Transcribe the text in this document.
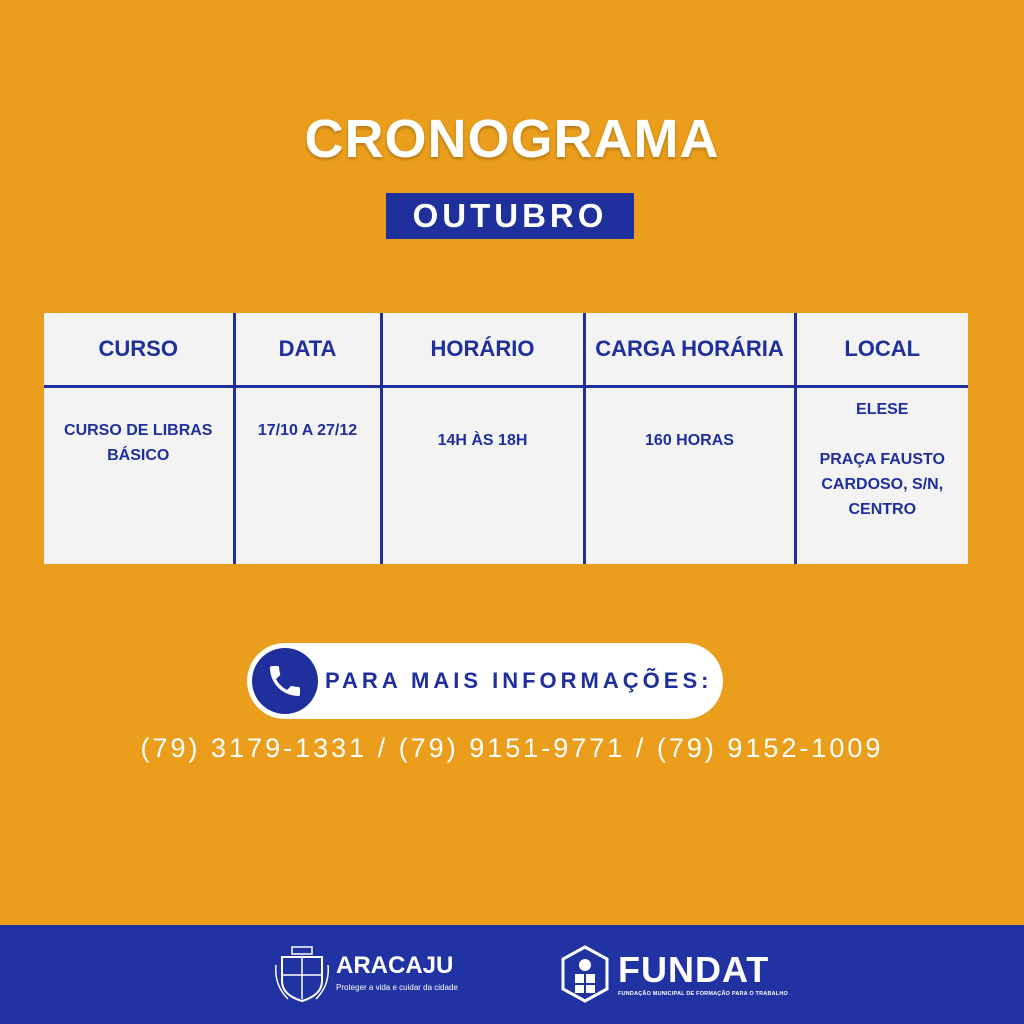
CRONOGRAMA
OUTUBRO
CURSO	DATA	HORÁRIO	CARGA HORÁRIA	LOCAL
CURSO DE LIBRAS BÁSICO	17/10 A 27/12	14H ÀS 18H	160 HORAS	ELESE
PRAÇA FAUSTO CARDOSO, S/N, CENTRO
PARA MAIS INFORMAÇÕES:
(79) 3179-1331 / (79) 9151-9771 / (79) 9152-1009
ARACAJU
Proteger a vida e cuidar da cidade	FUNDAT
FUNDAÇÃO MUNICIPAL DE FORMAÇÃO PARA O TRABALHO
